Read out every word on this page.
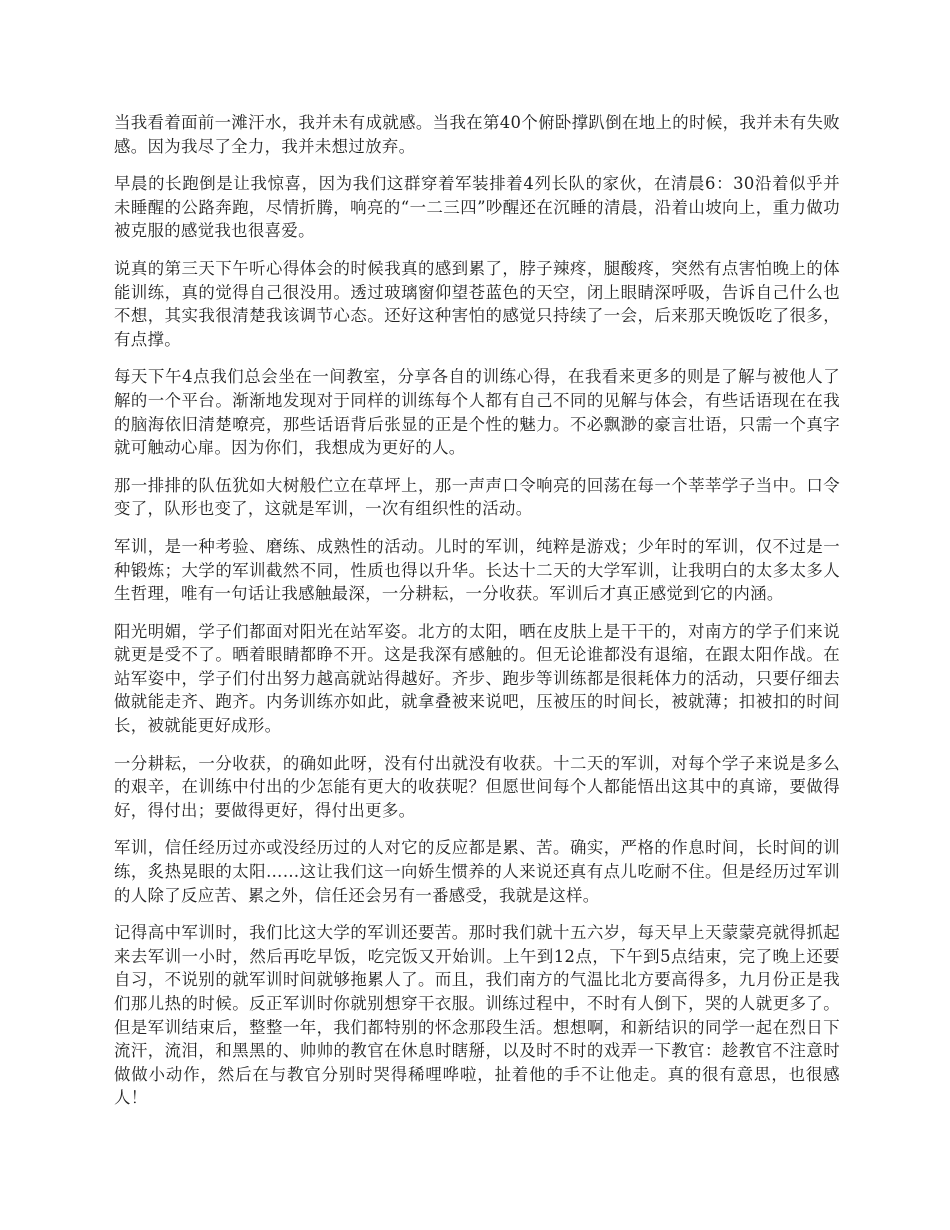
当我看着面前一滩汗水，我并未有成就感。当我在第40个俯卧撑趴倒在地上的时候，我并未有失败感。因为我尽了全力，我并未想过放弃。

早晨的长跑倒是让我惊喜，因为我们这群穿着军装排着4列长队的家伙，在清晨6：30沿着似乎并未睡醒的公路奔跑，尽情折腾，响亮的“一二三四”吵醒还在沉睡的清晨，沿着山坡向上，重力做功被克服的感觉我也很喜爱。

说真的第三天下午听心得体会的时候我真的感到累了，脖子辣疼，腿酸疼，突然有点害怕晚上的体能训练，真的觉得自己很没用。透过玻璃窗仰望苍蓝色的天空，闭上眼睛深呼吸，告诉自己什么也不想，其实我很清楚我该调节心态。还好这种害怕的感觉只持续了一会，后来那天晚饭吃了很多，有点撑。

每天下午4点我们总会坐在一间教室，分享各自的训练心得，在我看来更多的则是了解与被他人了解的一个平台。渐渐地发现对于同样的训练每个人都有自己不同的见解与体会，有些话语现在在我的脑海依旧清楚嘹亮，那些话语背后张显的正是个性的魅力。不必飘渺的豪言壮语，只需一个真字就可触动心扉。因为你们，我想成为更好的人。

那一排排的队伍犹如大树般伫立在草坪上，那一声声口令响亮的回荡在每一个莘莘学子当中。口令变了，队形也变了，这就是军训，一次有组织性的活动。

军训，是一种考验、磨练、成熟性的活动。儿时的军训，纯粹是游戏；少年时的军训，仅不过是一种锻炼；大学的军训截然不同，性质也得以升华。长达十二天的大学军训，让我明白的太多太多人生哲理，唯有一句话让我感触最深，一分耕耘，一分收获。军训后才真正感觉到它的内涵。

阳光明媚，学子们都面对阳光在站军姿。北方的太阳，晒在皮肤上是干干的，对南方的学子们来说就更是受不了。晒着眼睛都睁不开。这是我深有感触的。但无论谁都没有退缩，在跟太阳作战。在站军姿中，学子们付出努力越高就站得越好。齐步、跑步等训练都是很耗体力的活动，只要仔细去做就能走齐、跑齐。内务训练亦如此，就拿叠被来说吧，压被压的时间长，被就薄；扣被扣的时间长，被就能更好成形。

一分耕耘，一分收获，的确如此呀，没有付出就没有收获。十二天的军训，对每个学子来说是多么的艰辛，在训练中付出的少怎能有更大的收获呢？但愿世间每个人都能悟出这其中的真谛，要做得好，得付出；要做得更好，得付出更多。

军训，信任经历过亦或没经历过的人对它的反应都是累、苦。确实，严格的作息时间，长时间的训练，炙热晃眼的太阳……这让我们这一向娇生惯养的人来说还真有点儿吃耐不住。但是经历过军训的人除了反应苦、累之外，信任还会另有一番感受，我就是这样。

记得高中军训时，我们比这大学的军训还要苦。那时我们就十五六岁，每天早上天蒙蒙亮就得抓起来去军训一小时，然后再吃早饭，吃完饭又开始训。上午到12点，下午到5点结束，完了晚上还要自习，不说别的就军训时间就够拖累人了。而且，我们南方的气温比北方要高得多，九月份正是我们那儿热的时候。反正军训时你就别想穿干衣服。训练过程中，不时有人倒下，哭的人就更多了。但是军训结束后，整整一年，我们都特别的怀念那段生活。想想啊，和新结识的同学一起在烈日下流汗，流泪，和黑黑的、帅帅的教官在休息时瞎掰，以及时不时的戏弄一下教官：趁教官不注意时做做小动作，然后在与教官分别时哭得稀哩哗啦，扯着他的手不让他走。真的很有意思，也很感人！
